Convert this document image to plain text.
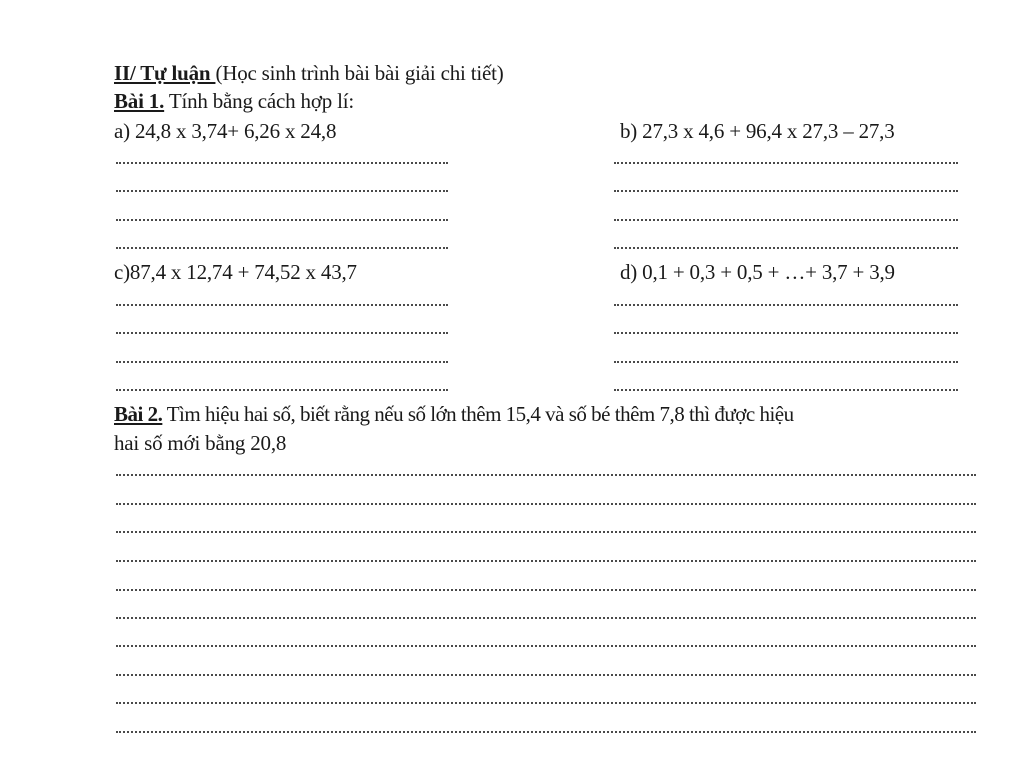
II/ Tự luận (Học sinh trình bài bài giải chi tiết)
Bài 1. Tính bằng cách hợp lí:
a) 24,8 x 3,74+ 6,26 x 24,8	b) 27,3 x 4,6 + 96,4 x 27,3 – 27,3
c)87,4 x 12,74 + 74,52 x 43,7	d) 0,1 + 0,3 + 0,5 + …+ 3,7 + 3,9
Bài 2. Tìm hiệu hai số, biết rằng nếu số lớn thêm 15,4 và số bé thêm 7,8 thì được hiệu
hai số mới bằng 20,8
